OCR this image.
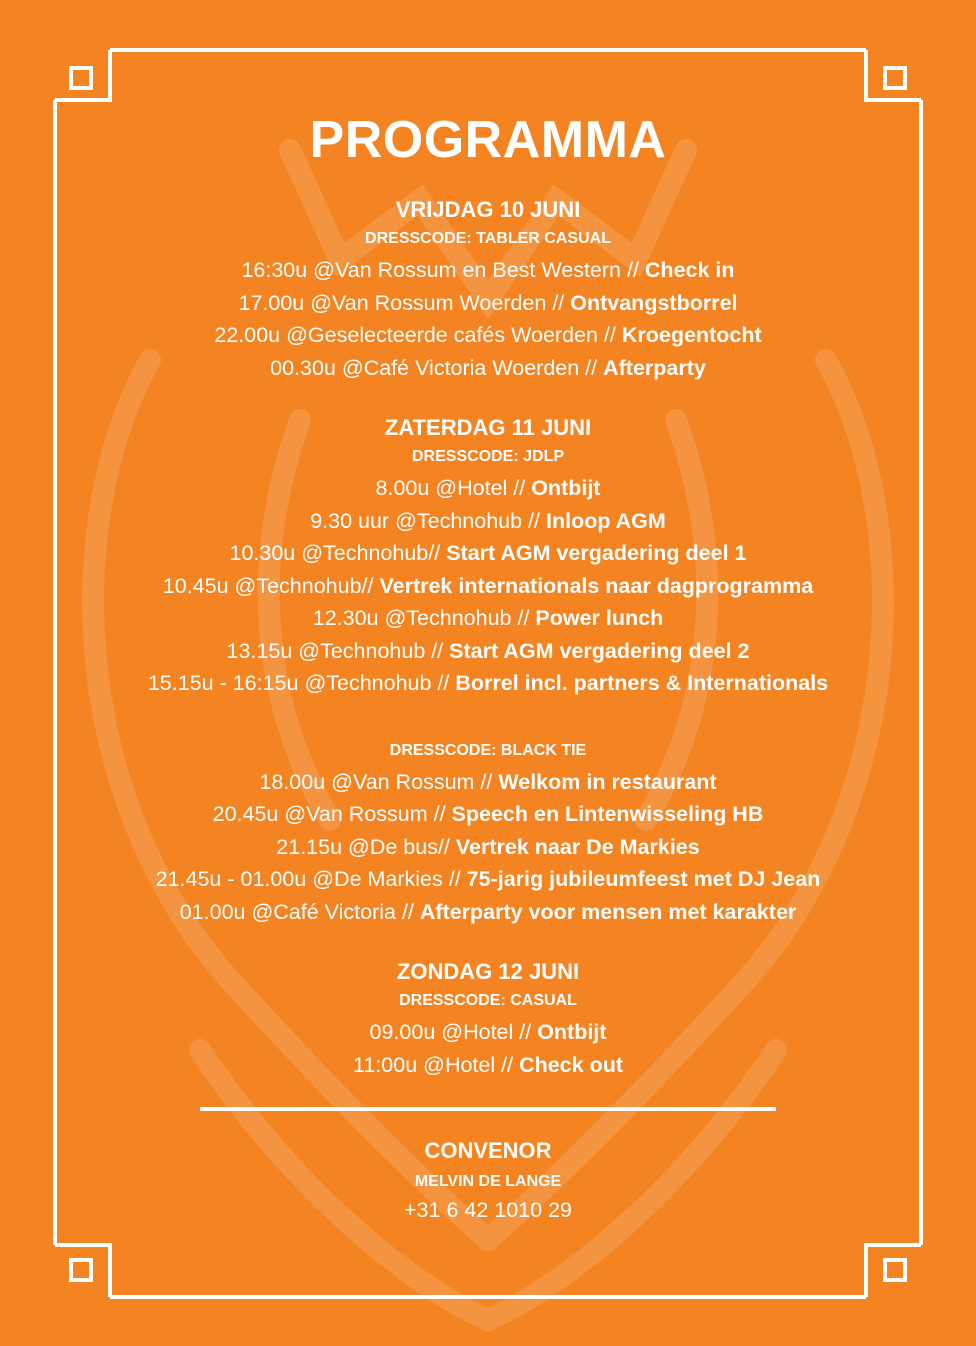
PROGRAMMA
VRIJDAG 10 JUNI
DRESSCODE: TABLER CASUAL
16:30u @Van Rossum en Best Western // Check in
17.00u @Van Rossum Woerden // Ontvangstborrel
22.00u @Geselecteerde cafés Woerden // Kroegentocht
00.30u @Café Victoria Woerden // Afterparty
ZATERDAG 11 JUNI
DRESSCODE: JDLP
8.00u @Hotel // Ontbijt
9.30 uur @Technohub // Inloop AGM
10.30u @Technohub// Start AGM vergadering deel 1
10.45u @Technohub// Vertrek internationals naar dagprogramma
12.30u @Technohub // Power lunch
13.15u @Technohub // Start AGM vergadering deel 2
15.15u - 16:15u @Technohub // Borrel incl. partners & Internationals
DRESSCODE: BLACK TIE
18.00u @Van Rossum // Welkom in restaurant
20.45u @Van Rossum // Speech en Lintenwisseling HB
21.15u @De bus// Vertrek naar De Markies
21.45u - 01.00u @De Markies // 75-jarig jubileumfeest met DJ Jean
01.00u @Café Victoria // Afterparty voor mensen met karakter
ZONDAG 12 JUNI
DRESSCODE: CASUAL
09.00u @Hotel // Ontbijt
11:00u @Hotel // Check out
CONVENOR
MELVIN DE LANGE
+31 6 42 1010 29
